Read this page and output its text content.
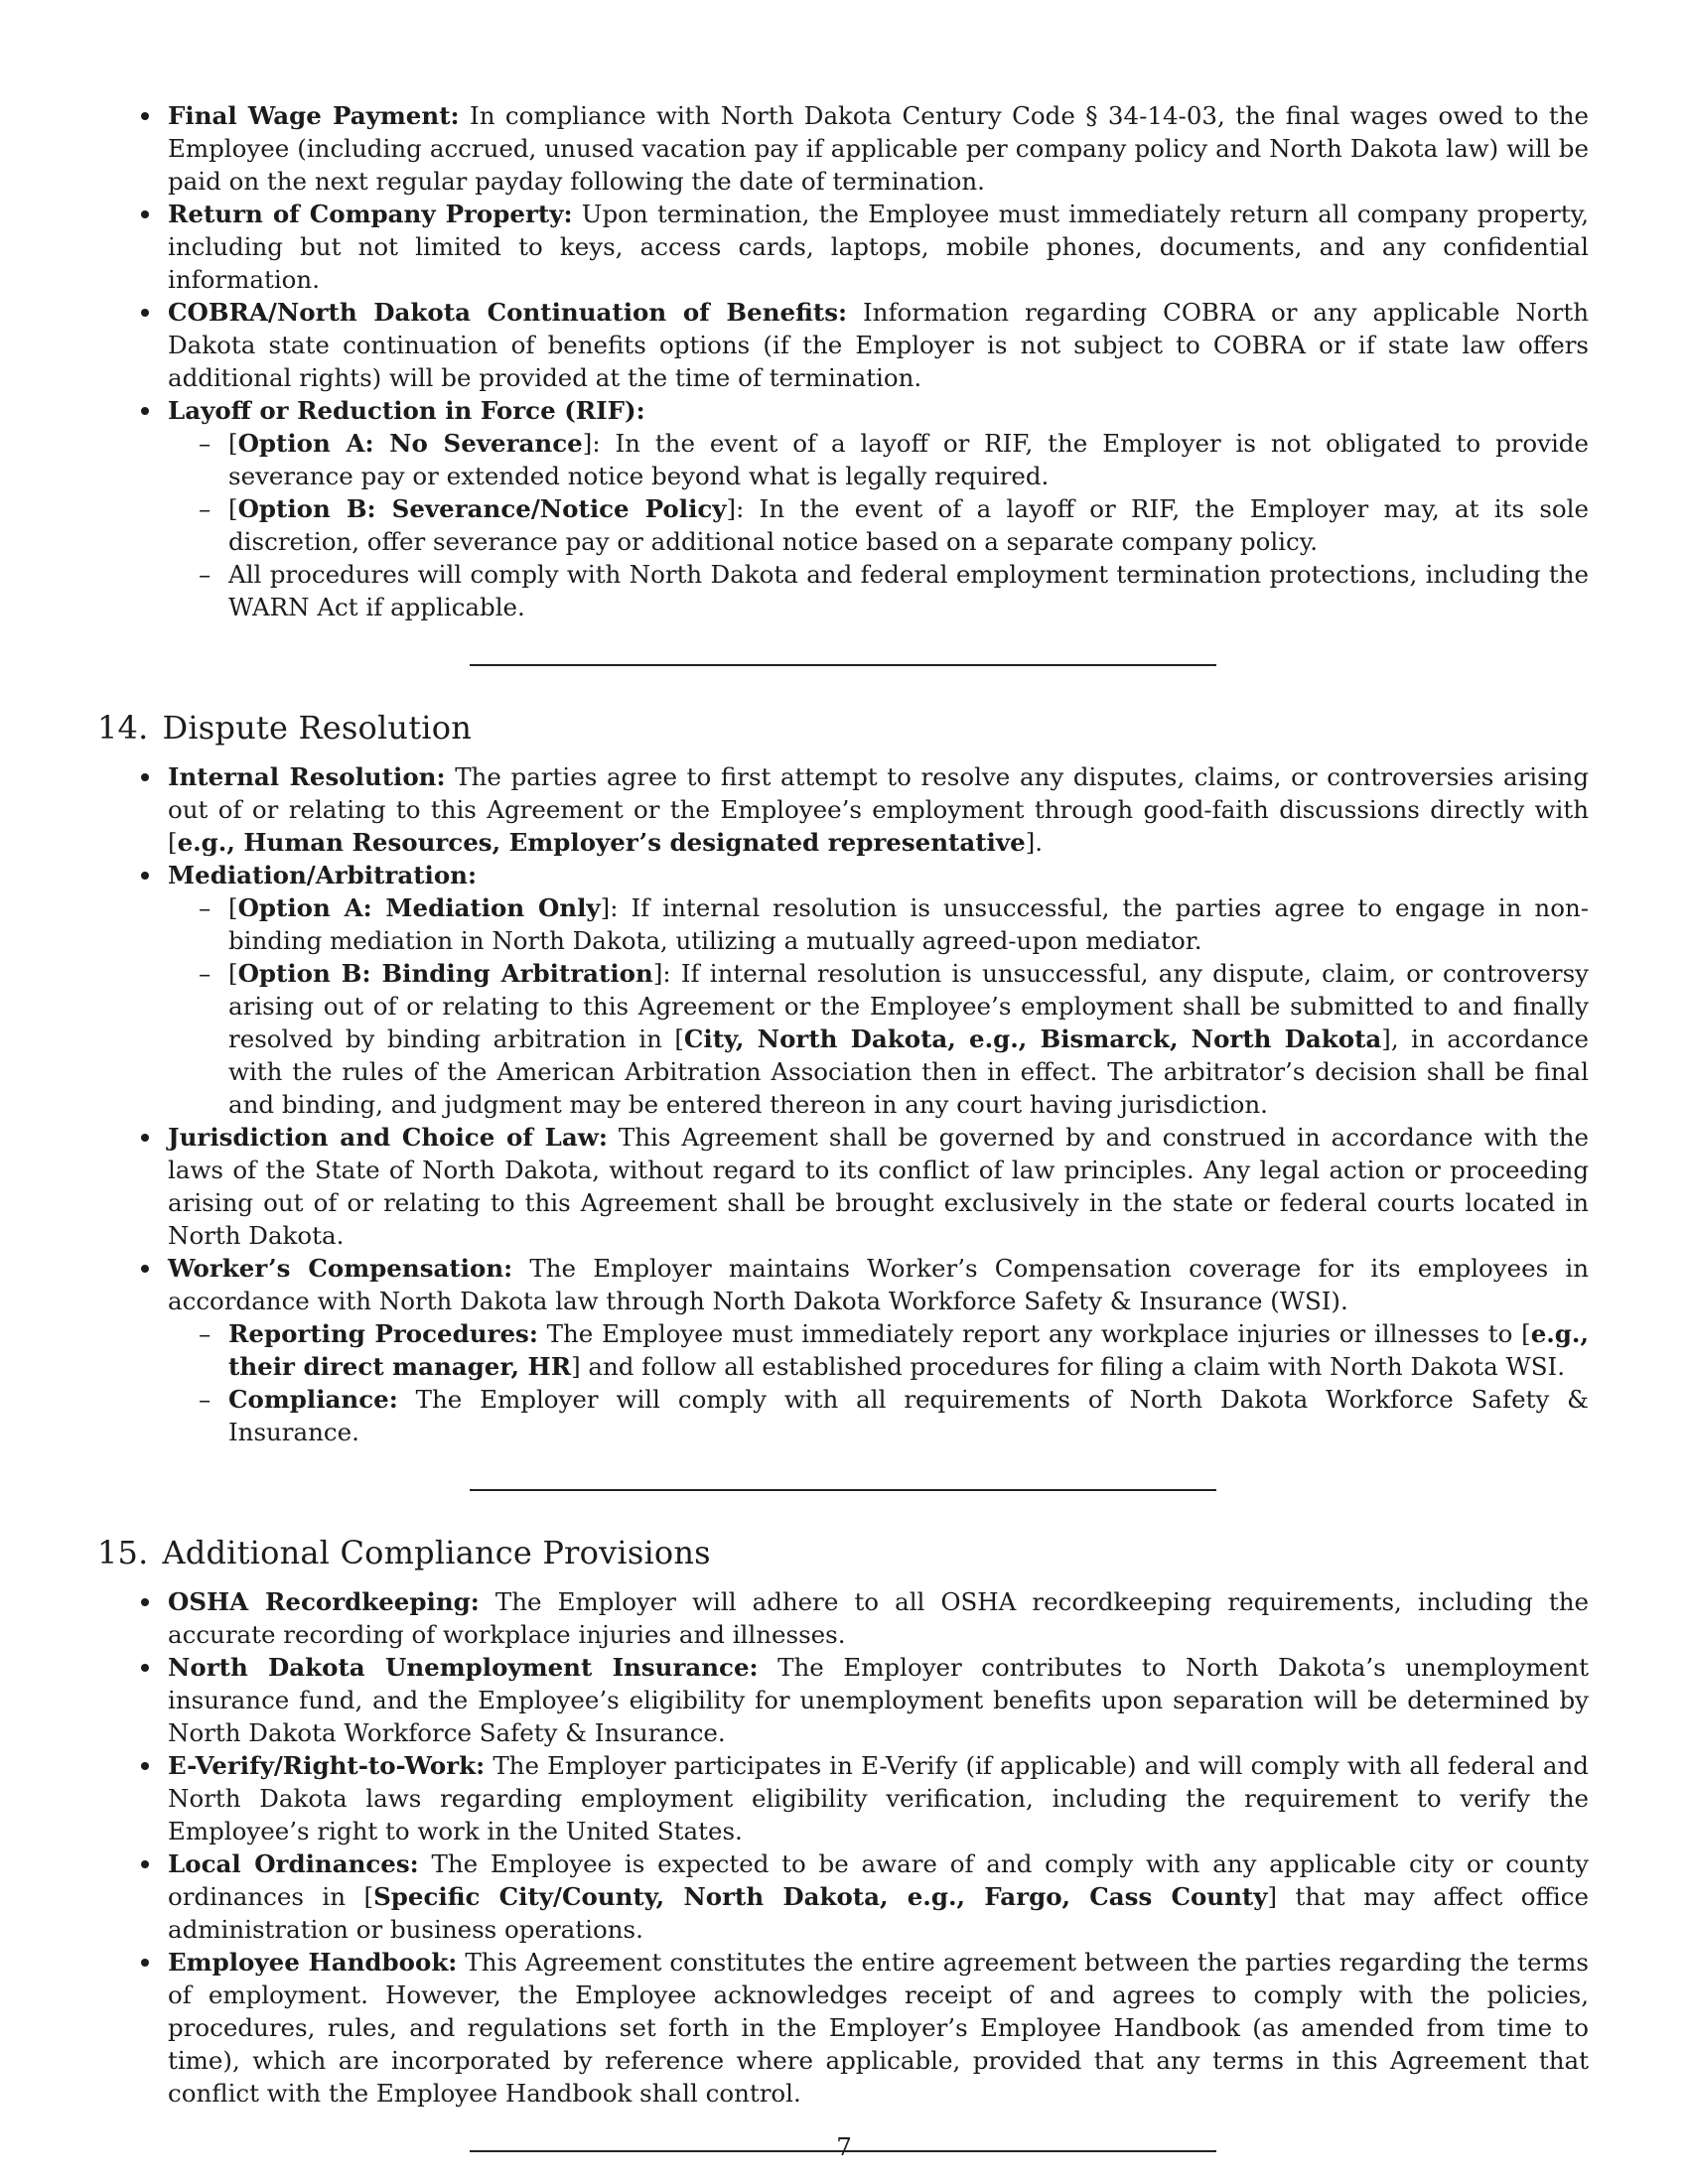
Final Wage Payment: In compliance with North Dakota Century Code § 34-14-03, the final wages owed to the Employee (including accrued, unused vacation pay if applicable per company policy and North Dakota law) will be paid on the next regular payday following the date of termination.
Return of Company Property: Upon termination, the Employee must immediately return all company property, including but not limited to keys, access cards, laptops, mobile phones, documents, and any confidential information.
COBRA/North Dakota Continuation of Benefits: Information regarding COBRA or any applicable North Dakota state continuation of benefits options (if the Employer is not subject to COBRA or if state law offers additional rights) will be provided at the time of termination.
Layoff or Reduction in Force (RIF):
– [Option A: No Severance]: In the event of a layoff or RIF, the Employer is not obligated to provide severance pay or extended notice beyond what is legally required.
– [Option B: Severance/Notice Policy]: In the event of a layoff or RIF, the Employer may, at its sole discretion, offer severance pay or additional notice based on a separate company policy.
– All procedures will comply with North Dakota and federal employment termination protections, including the WARN Act if applicable.
14. Dispute Resolution
Internal Resolution: The parties agree to first attempt to resolve any disputes, claims, or controversies arising out of or relating to this Agreement or the Employee’s employment through good-faith discussions directly with [e.g., Human Resources, Employer’s designated representative].
Mediation/Arbitration:
– [Option A: Mediation Only]: If internal resolution is unsuccessful, the parties agree to engage in non-binding mediation in North Dakota, utilizing a mutually agreed-upon mediator.
– [Option B: Binding Arbitration]: If internal resolution is unsuccessful, any dispute, claim, or controversy arising out of or relating to this Agreement or the Employee’s employment shall be submitted to and finally resolved by binding arbitration in [City, North Dakota, e.g., Bismarck, North Dakota], in accordance with the rules of the American Arbitration Association then in effect. The arbitrator’s decision shall be final and binding, and judgment may be entered thereon in any court having jurisdiction.
Jurisdiction and Choice of Law: This Agreement shall be governed by and construed in accordance with the laws of the State of North Dakota, without regard to its conflict of law principles. Any legal action or proceeding arising out of or relating to this Agreement shall be brought exclusively in the state or federal courts located in North Dakota.
Worker’s Compensation: The Employer maintains Worker’s Compensation coverage for its employees in accordance with North Dakota law through North Dakota Workforce Safety & Insurance (WSI).
– Reporting Procedures: The Employee must immediately report any workplace injuries or illnesses to [e.g., their direct manager, HR] and follow all established procedures for filing a claim with North Dakota WSI.
– Compliance: The Employer will comply with all requirements of North Dakota Workforce Safety & Insurance.
15. Additional Compliance Provisions
OSHA Recordkeeping: The Employer will adhere to all OSHA recordkeeping requirements, including the accurate recording of workplace injuries and illnesses.
North Dakota Unemployment Insurance: The Employer contributes to North Dakota’s unemployment insurance fund, and the Employee’s eligibility for unemployment benefits upon separation will be determined by North Dakota Workforce Safety & Insurance.
E-Verify/Right-to-Work: The Employer participates in E-Verify (if applicable) and will comply with all federal and North Dakota laws regarding employment eligibility verification, including the requirement to verify the Employee’s right to work in the United States.
Local Ordinances: The Employee is expected to be aware of and comply with any applicable city or county ordinances in [Specific City/County, North Dakota, e.g., Fargo, Cass County] that may affect office administration or business operations.
Employee Handbook: This Agreement constitutes the entire agreement between the parties regarding the terms of employment. However, the Employee acknowledges receipt of and agrees to comply with the policies, procedures, rules, and regulations set forth in the Employer’s Employee Handbook (as amended from time to time), which are incorporated by reference where applicable, provided that any terms in this Agreement that conflict with the Employee Handbook shall control.
7
